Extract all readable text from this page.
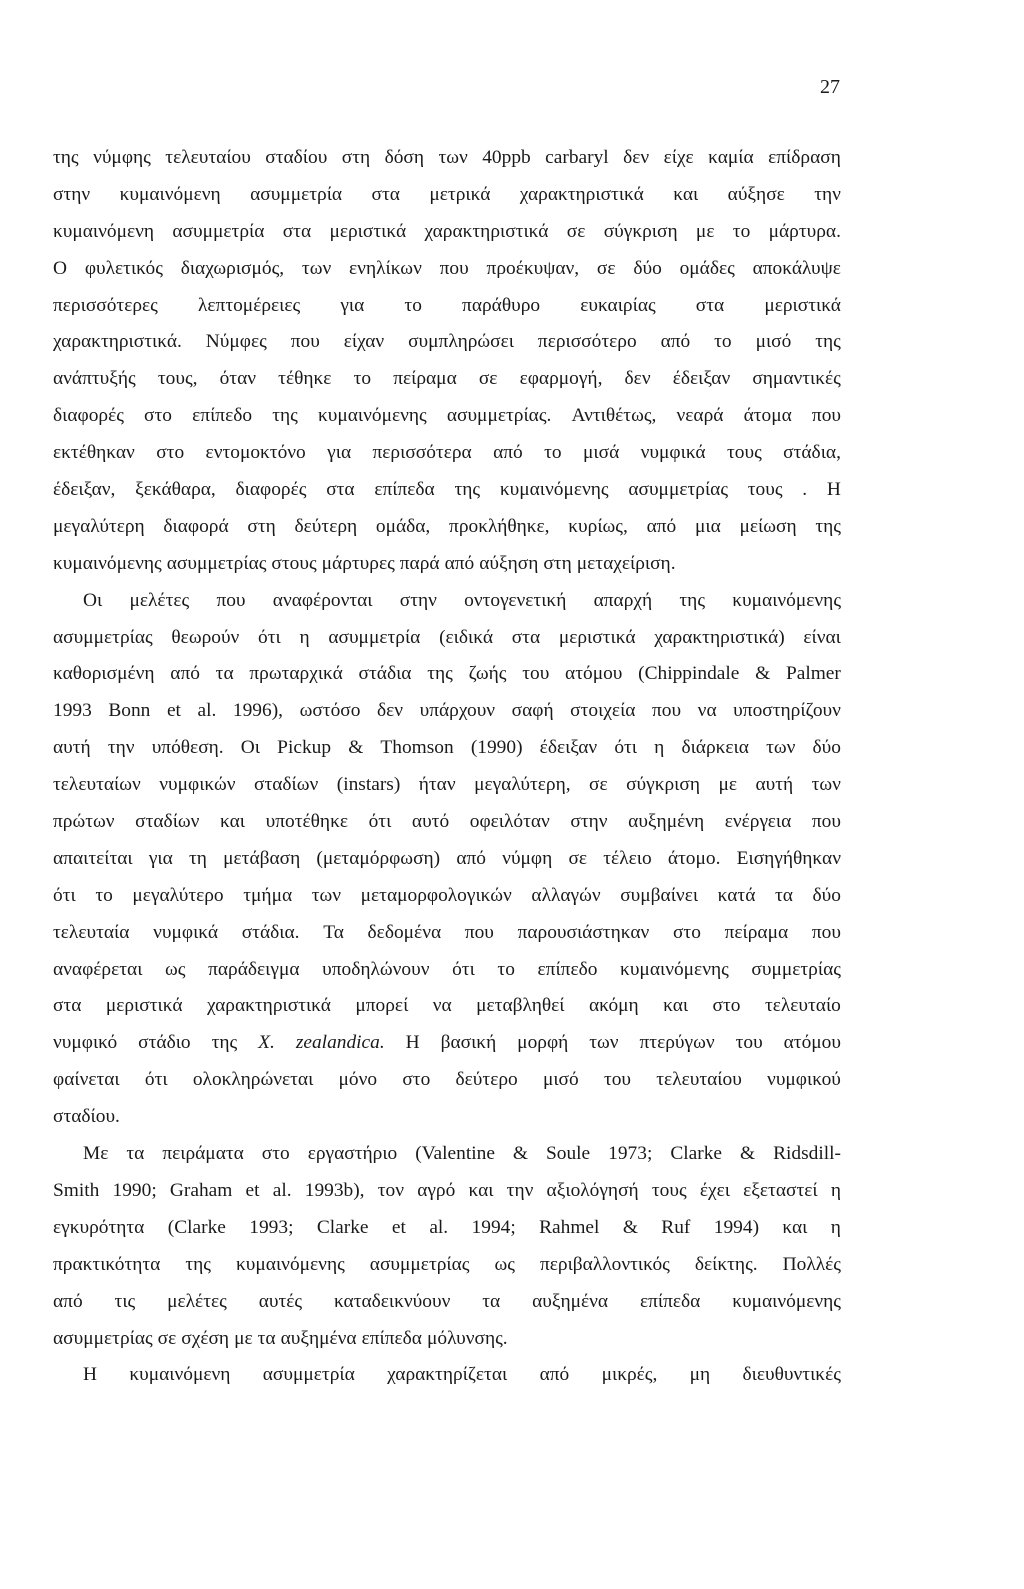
27
της νύμφης τελευταίου σταδίου στη δόση των 40ppb carbaryl δεν είχε καμία επίδραση
στην κυμαινόμενη ασυμμετρία στα μετρικά χαρακτηριστικά και αύξησε την
κυμαινόμενη ασυμμετρία στα μεριστικά χαρακτηριστικά σε σύγκριση με το μάρτυρα.
Ο φυλετικός διαχωρισμός, των ενηλίκων που προέκυψαν, σε δύο ομάδες αποκάλυψε
περισσότερες λεπτομέρειες για το παράθυρο ευκαιρίας στα μεριστικά
χαρακτηριστικά. Νύμφες που είχαν συμπληρώσει περισσότερο από το μισό της
ανάπτυξής τους, όταν τέθηκε το πείραμα σε εφαρμογή, δεν έδειξαν σημαντικές
διαφορές στο επίπεδο της κυμαινόμενης ασυμμετρίας. Αντιθέτως, νεαρά άτομα που
εκτέθηκαν στο εντομοκτόνο για περισσότερα από το μισά νυμφικά τους στάδια,
έδειξαν, ξεκάθαρα, διαφορές στα επίπεδα της κυμαινόμενης ασυμμετρίας τους . Η
μεγαλύτερη διαφορά στη δεύτερη ομάδα, προκλήθηκε, κυρίως, από μια μείωση της
κυμαινόμενης ασυμμετρίας στους μάρτυρες παρά από αύξηση στη μεταχείριση.
Οι μελέτες που αναφέρονται στην οντογενετική απαρχή της κυμαινόμενης
ασυμμετρίας θεωρούν ότι η ασυμμετρία (ειδικά στα μεριστικά χαρακτηριστικά) είναι
καθορισμένη από τα πρωταρχικά στάδια της ζωής του ατόμου (Chippindale & Palmer
1993 Bonn et al. 1996), ωστόσο δεν υπάρχουν σαφή στοιχεία που να υποστηρίζουν
αυτή την υπόθεση. Οι Pickup & Thomson (1990) έδειξαν ότι η διάρκεια των δύο
τελευταίων νυμφικών σταδίων (instars) ήταν μεγαλύτερη, σε σύγκριση με αυτή των
πρώτων σταδίων και υποτέθηκε ότι αυτό οφειλόταν στην αυξημένη ενέργεια που
απαιτείται για τη μετάβαση (μεταμόρφωση) από νύμφη σε τέλειο άτομο. Εισηγήθηκαν
ότι το μεγαλύτερο τμήμα των μεταμορφολογικών αλλαγών συμβαίνει κατά τα δύο
τελευταία νυμφικά στάδια. Τα δεδομένα που παρουσιάστηκαν στο πείραμα που
αναφέρεται ως παράδειγμα υποδηλώνουν ότι το επίπεδο κυμαινόμενης συμμετρίας
στα μεριστικά χαρακτηριστικά μπορεί να μεταβληθεί ακόμη και στο τελευταίο
νυμφικό στάδιο της X. zealandica. Η βασική μορφή των πτερύγων του ατόμου
φαίνεται ότι ολοκληρώνεται μόνο στο δεύτερο μισό του τελευταίου νυμφικού
σταδίου.
Με τα πειράματα στο εργαστήριο (Valentine & Soule 1973; Clarke & Ridsdill-
Smith 1990; Graham et al. 1993b), τον αγρό και την αξιολόγησή τους έχει εξεταστεί η
εγκυρότητα (Clarke 1993; Clarke et al. 1994; Rahmel & Ruf 1994) και η
πρακτικότητα της κυμαινόμενης ασυμμετρίας ως περιβαλλοντικός δείκτης. Πολλές
από τις μελέτες αυτές καταδεικνύουν τα αυξημένα επίπεδα κυμαινόμενης
ασυμμετρίας σε σχέση με τα αυξημένα επίπεδα μόλυνσης.
Η κυμαινόμενη ασυμμετρία χαρακτηρίζεται από μικρές, μη διευθυντικές
